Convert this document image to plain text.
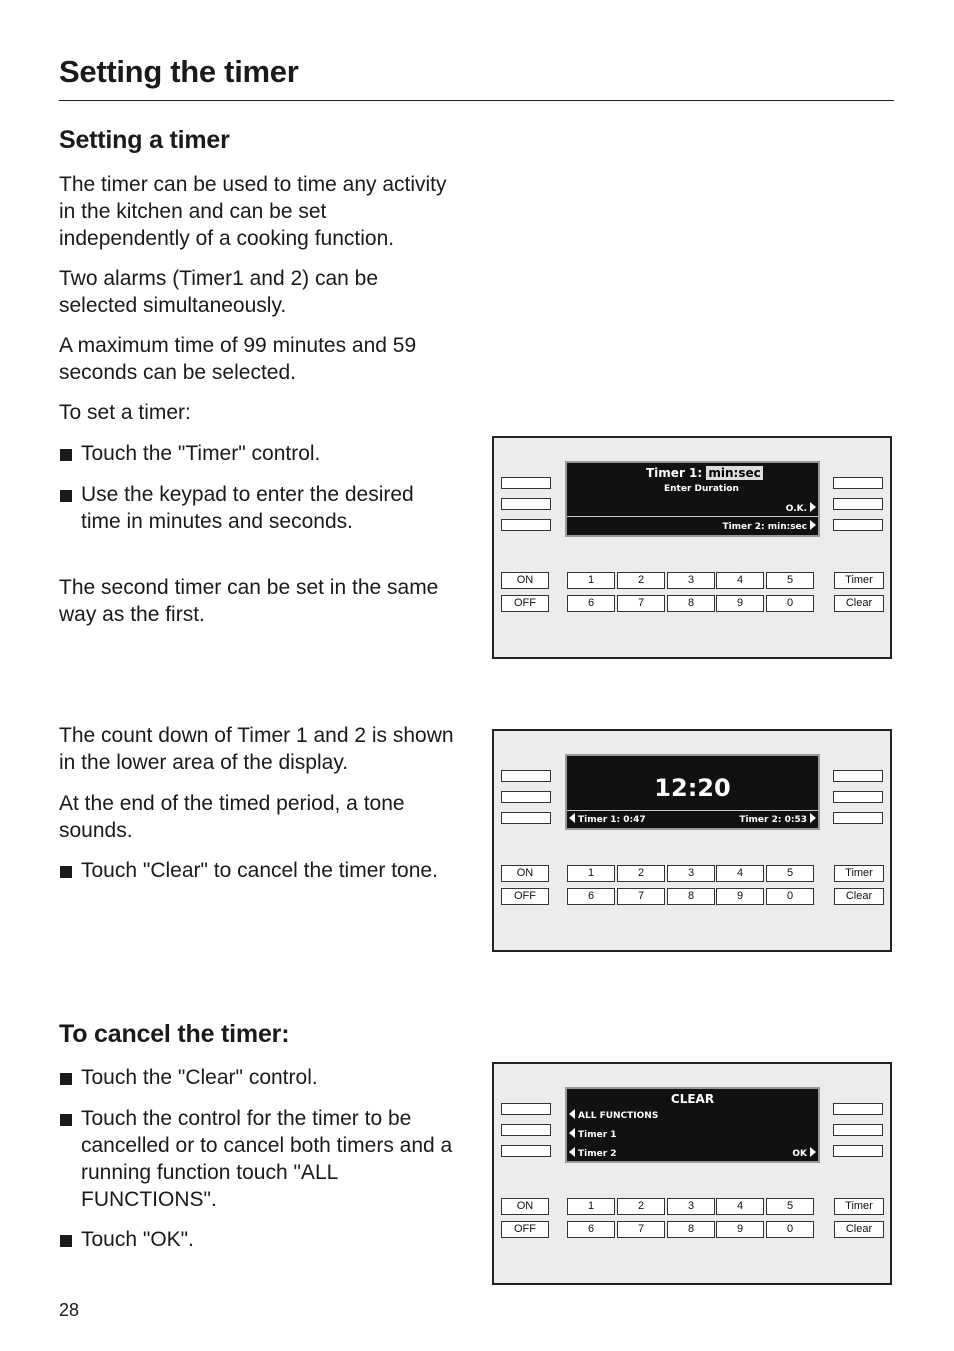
Setting the timer
Setting a timer
The timer can be used to time any activity in the kitchen and can be set independently of a cooking function.
Two alarms (Timer1 and 2) can be selected simultaneously.
A maximum time of 99 minutes and 59 seconds can be selected.
To set a timer:
Touch the "Timer" control.
Use the keypad to enter the desired time in minutes and seconds.
The second timer can be set in the same way as the first.
The count down of Timer 1 and 2 is shown in the lower area of the display.
At the end of the timed period, a tone sounds.
Touch "Clear" to cancel the timer tone.
To cancel the timer:
Touch the "Clear" control.
Touch the control for the timer to be cancelled or to cancel both timers and a running function touch "ALL FUNCTIONS".
Touch "OK".
28
Timer 1: min:sec
Enter Duration
O.K.
Timer 2: min:sec
ON
OFF
1	2	3	4	5
6	7	8	9	0
Timer
Clear
12:20
Timer 1: 0:47	Timer 2: 0:53
ON
OFF
1	2	3	4	5
6	7	8	9	0
Timer
Clear
CLEAR
ALL FUNCTIONS
Timer 1
Timer 2	OK
ON
OFF
1	2	3	4	5
6	7	8	9	0
Timer
Clear
